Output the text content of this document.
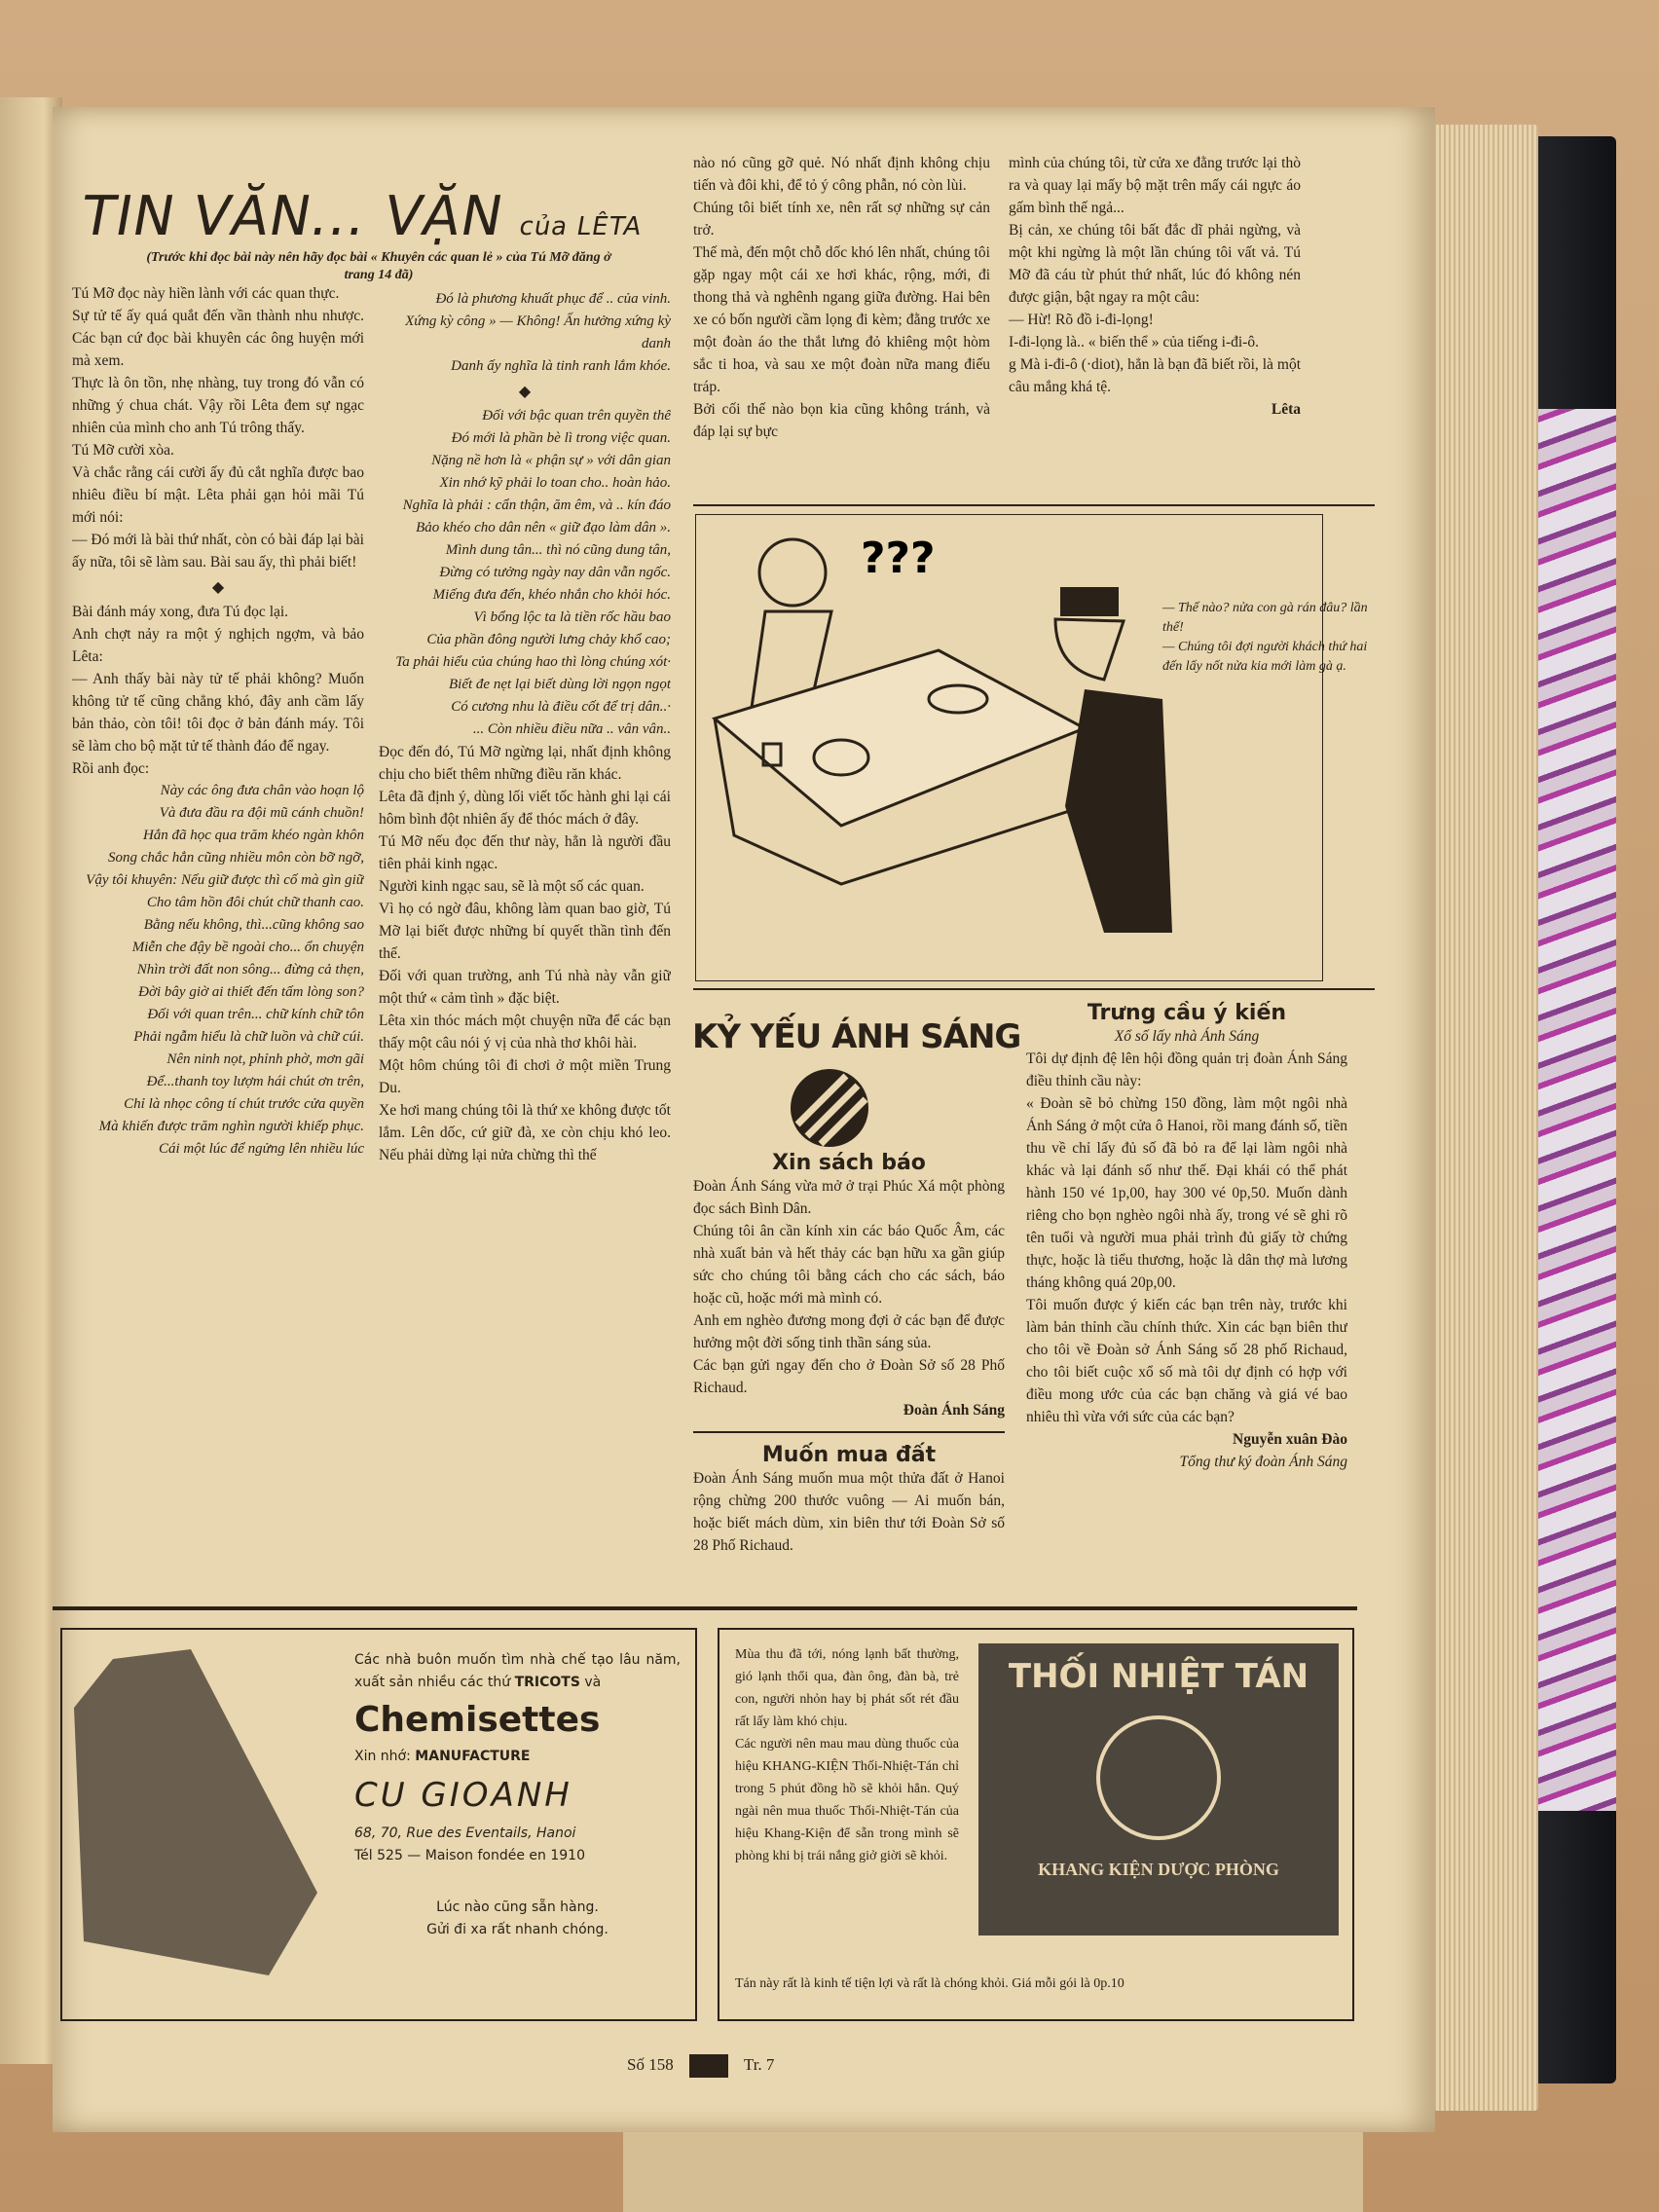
TIN VĂN... VẶN của LÊTA
(Trước khi đọc bài này nên hãy đọc bài « Khuyên các quan lẻ » của Tú Mỡ đăng ở trang 14 đã)

Tú Mỡ đọc này hiền lành với các quan thực.

Sự tử tế ấy quá quắt đến vần thành nhu nhược. Các bạn cứ đọc bài khuyên các ông huyện mới mà xem.

Thực là ôn tồn, nhẹ nhàng, tuy trong đó vẫn có những ý chua chát. Vậy rồi Lêta đem sự ngạc nhiên của mình cho anh Tú trông thấy.

Tú Mỡ cười xòa.

Và chắc rằng cái cười ấy đủ cắt nghĩa được bao nhiêu điều bí mật. Lêta phải gạn hỏi mãi Tú mới nói:

— Đó mới là bài thứ nhất, còn có bài đáp lại bài ấy nữa, tôi sẽ làm sau. Bài sau ấy, thì phải biết!

◆

Bài đánh máy xong, đưa Tú đọc lại.

Anh chợt nảy ra một ý nghịch ngợm, và bảo Lêta:

— Anh thấy bài này tử tế phải không? Muốn không tử tế cũng chẳng khó, đây anh cầm lấy bản thảo, còn tôi! tôi đọc ở bản đánh máy. Tôi sẽ làm cho bộ mặt tử tế thành đáo để ngay.

Rồi anh đọc:

Này các ông đưa chân vào hoạn lộ

Và đưa đầu ra đội mũ cánh chuồn!

Hẳn đã học qua trăm khéo ngàn khôn

Song chắc hẳn cũng nhiều môn còn bỡ ngỡ,

Vậy tôi khuyên: Nếu giữ được thì cố mà gìn giữ

Cho tâm hồn đôi chút chữ thanh cao.

Bằng nếu không, thì...cũng không sao

Miễn che đậy bề ngoài cho... ổn chuyện

Nhìn trời đất non sông... đừng cả thẹn,

Đời bây giờ ai thiết đến tấm lòng son?

Đối với quan trên... chữ kính chữ tôn

Phải ngẫm hiểu là chữ luồn và chữ cúi.

Nên ninh nọt, phỉnh phờ, mơn gãi

Để...thanh toy lượm hái chút ơn trên,

Chỉ là nhọc công tí chút trước cửa quyền

Mà khiến được trăm nghìn người khiếp phục.

Cái một lúc để ngửng lên nhiều lúc

Đó là phương khuất phục để .. của vinh.

Xứng kỳ công » — Không! Ấn hưởng xứng kỳ danh

Danh ấy nghĩa là tinh ranh lắm khóe.

◆

Đối với bậc quan trên quyền thế

Đó mới là phần bè lì trong việc quan.

Nặng nề hơn là « phận sự » với dân gian

Xin nhớ kỹ phải lo toan cho.. hoàn hảo.

Nghĩa là phải : cẩn thận, ăm êm, và .. kín đáo

Bảo khéo cho dân nên « giữ đạo làm dân ».

Mình dung tân... thì nó cũng dung tân,

Đừng có tưởng ngày nay dân vẫn ngốc.

Miếng đưa đến, khéo nhắn cho khỏi hóc.

Vì bổng lộc ta là tiền rốc hầu bao

Của phần đông người lưng chảy khổ cao;

Ta phải hiểu của chúng hao thì lòng chúng xót·

Biết đe nẹt lại biết dùng lời ngọn ngọt

Có cương nhu là điều cốt để trị dân..·

... Còn nhiều điều nữa .. vân vân..

Đọc đến đó, Tú Mỡ ngừng lại, nhất định không chịu cho biết thêm những điều răn khác.

Lêta đã định ý, dùng lối viết tốc hành ghi lại cái hôm bình đột nhiên ấy để thóc mách ở đây.

Tú Mỡ nếu đọc đến thư này, hẳn là người đầu tiên phải kinh ngạc.

Người kinh ngạc sau, sẽ là một số các quan.

Vì họ có ngờ đâu, không làm quan bao giờ, Tú Mỡ lại biết được những bí quyết thần tình đến thế.

Đối với quan trường, anh Tú nhà này vẫn giữ một thứ « cảm tình » đặc biệt.

Lêta xin thóc mách một chuyện nữa để các bạn thấy một câu nói ý vị của nhà thơ khôi hài.

Một hôm chúng tôi đi chơi ở một miền Trung Du.

Xe hơi mang chúng tôi là thứ xe không được tốt lắm. Lên dốc, cứ giữ đà, xe còn chịu khó leo. Nếu phải dừng lại nửa chừng thì thế

nào nó cũng gỡ quẻ. Nó nhất định không chịu tiến và đôi khi, để tỏ ý công phẫn, nó còn lùi.

Chúng tôi biết tính xe, nên rất sợ những sự cản trở.

Thế mà, đến một chỗ dốc khó lên nhất, chúng tôi gặp ngay một cái xe hơi khác, rộng, mới, đi thong thả và nghênh ngang giữa đường. Hai bên xe có bốn người cầm lọng đi kèm; đằng trước xe một đoàn áo the thắt lưng đỏ khiêng một hòm sắc ti hoa, và sau xe một đoàn nữa mang điếu tráp.

Bởi cối thế nào bọn kia cũng không tránh, và đáp lại sự bực

mình của chúng tôi, từ cửa xe đằng trước lại thò ra và quay lại mấy bộ mặt trên mấy cái ngực áo gấm bình thế ngả...

Bị cản, xe chúng tôi bất đắc dĩ phải ngừng, và một khi ngừng là một lần chúng tôi vất vả. Tú Mỡ đã cáu từ phút thứ nhất, lúc đó không nén được giận, bật ngay ra một câu:

— Hừ! Rõ đồ i-đi-lọng!

I-đi-lọng là.. « biến thể » của tiếng i-đi-ô.

g Mà i-đi-ô (·diot), hẳn là bạn đã biết rồi, là một câu mắng khá tệ.

Lêta

???
— Thế nào? nửa con gà rán đâu? lần thế!
— Chúng tôi đợi người khách thứ hai đến lấy nốt nửa kia mới làm gà ạ.
KỶ YẾU ÁNH SÁNG

Xin sách báo

Đoàn Ánh Sáng vừa mở ở trại Phúc Xá một phòng đọc sách Bình Dân.

Chúng tôi ân cần kính xin các báo Quốc Âm, các nhà xuất bản và hết thảy các bạn hữu xa gần giúp sức cho chúng tôi bằng cách cho các sách, báo hoặc cũ, hoặc mới mà mình có.

Anh em nghèo đương mong đợi ở các bạn để được hưởng một đời sống tinh thần sáng sủa.

Các bạn gửi ngay đến cho ở Đoàn Sở số 28 Phố Richaud.

Đoàn Ánh Sáng

Muốn mua đất

Đoàn Ánh Sáng muốn mua một thửa đất ở Hanoi rộng chừng 200 thước vuông — Ai muốn bán, hoặc biết mách dùm, xin biên thư tới Đoàn Sở số 28 Phố Richaud.

Trưng cầu ý kiến

Xổ số lấy nhà Ánh Sáng

Tôi dự định đệ lên hội đồng quản trị đoàn Ánh Sáng điều thỉnh cầu này:

« Đoàn sẽ bỏ chừng 150 đồng, làm một ngôi nhà Ánh Sáng ở một cửa ô Hanoi, rồi mang đánh số, tiền thu về chỉ lấy đủ số đã bỏ ra để lại làm ngôi nhà khác và lại đánh số như thế. Đại khái có thể phát hành 150 vé 1p,00, hay 300 vé 0p,50. Muốn dành riêng cho bọn nghèo ngôi nhà ấy, trong vé sẽ ghi rõ tên tuổi và người mua phải trình đủ giấy tờ chứng thực, hoặc là tiểu thương, hoặc là dân thợ mà lương tháng không quá 20p,00.

Tôi muốn được ý kiến các bạn trên này, trước khi làm bản thỉnh cầu chính thức. Xin các bạn biên thư cho tôi về Đoàn sở Ánh Sáng số 28 phố Richaud, cho tôi biết cuộc xổ số mà tôi dự định có hợp với điều mong ước của các bạn chăng và giá vé bao nhiêu thì vừa với sức của các bạn?

Nguyễn xuân Đào

Tổng thư ký đoàn Ánh Sáng

Các nhà buôn muốn tìm nhà chế tạo lâu năm, xuất sản nhiều các thứ TRICOTS và

Chemisettes

Xin nhớ: MANUFACTURE

CU GIOANH

68, 70, Rue des Eventails, Hanoi

Tél 525 — Maison fondée en 1910

Lúc nào cũng sẵn hàng.

Gửi đi xa rất nhanh chóng.

Mùa thu đã tới, nóng lạnh bất thường, gió lạnh thổi qua, đàn ông, đàn bà, trẻ con, người nhỏn hay bị phát sốt rét đầu rất lấy làm khó chịu.

Các người nên mau mau dùng thuốc của hiệu KHANG-KIỆN Thối-Nhiệt-Tán chỉ trong 5 phút đồng hồ sẽ khỏi hẳn. Quý ngài nên mua thuốc Thối-Nhiệt-Tán của hiệu Khang-Kiện để sẵn trong mình sẽ phòng khi bị trái nắng giở giời sẽ khỏi.

THỐI NHIỆT TÁN

KHANG KIỆN DƯỢC PHÒNG

Tán này rất là kinh tế tiện lợi và rất là chóng khỏi. Giá mỗi gói là 0p.10

Số 158	Tr. 7
